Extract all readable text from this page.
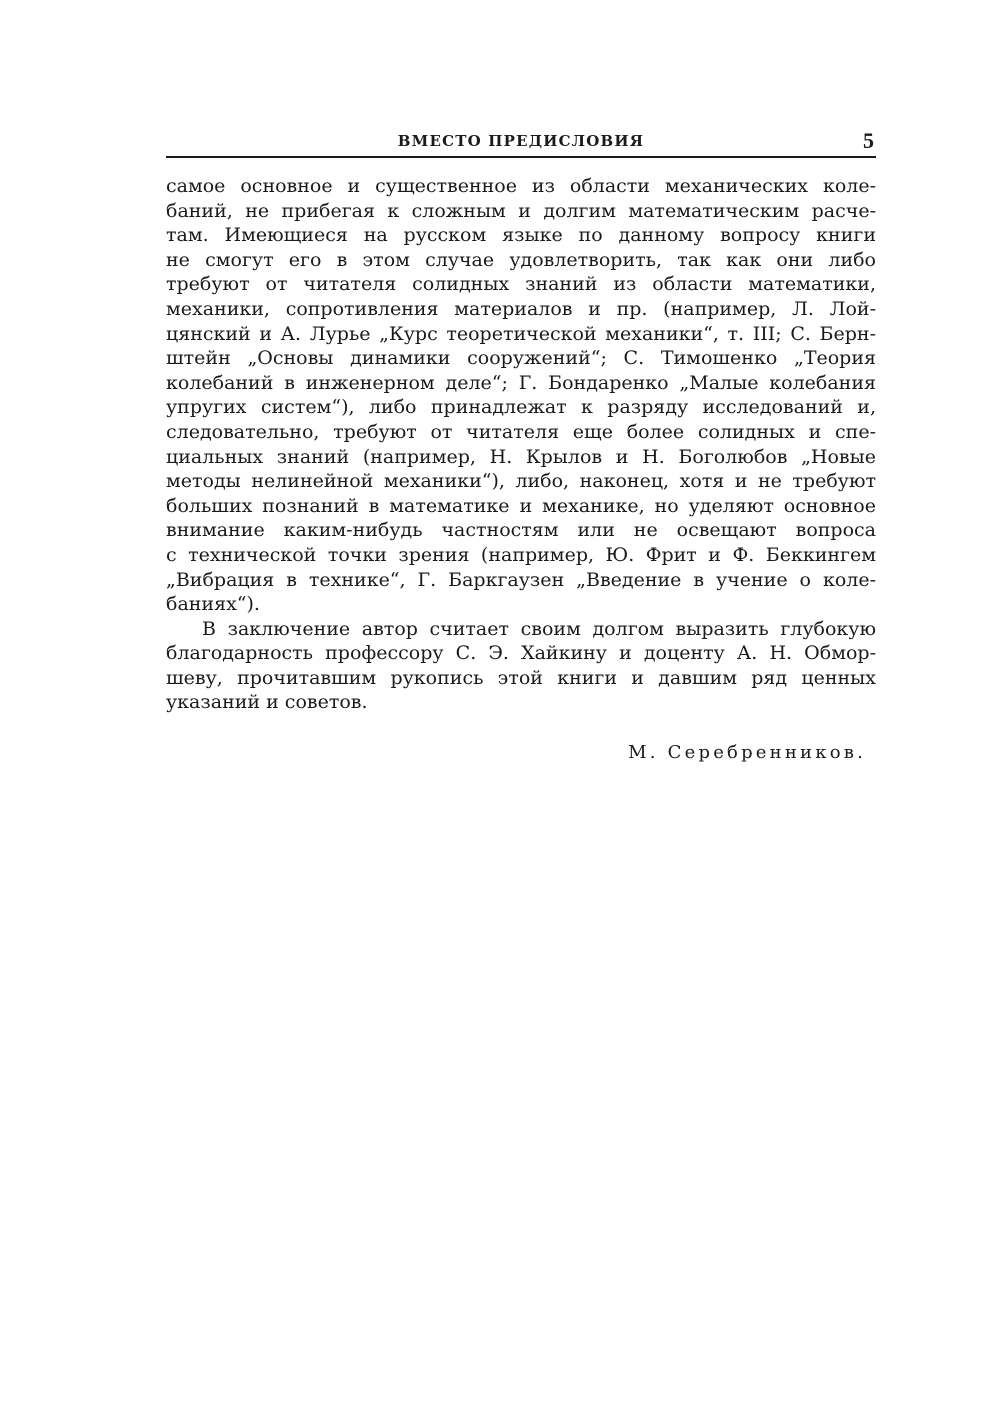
ВМЕСТО ПРЕДИСЛОВИЯ	5
самое основное и существенное из области механических коле-
баний, не прибегая к сложным и долгим математическим расче-
там. Имеющиеся на русском языке по данному вопросу книги
не смогут его в этом случае удовлетворить, так как они либо
требуют от читателя солидных знаний из области математики,
механики, сопротивления материалов и пр. (например, Л. Лой-
цянский и А. Лурье „Курс теоретической механики“, т. III; С. Берн-
штейн „Основы динамики сооружений“; С. Тимошенко „Теория
колебаний в инженерном деле“; Г. Бондаренко „Малые колебания
упругих систем“), либо принадлежат к разряду исследований и,
следовательно, требуют от читателя еще более солидных и спе-
циальных знаний (например, Н. Крылов и Н. Боголюбов „Новые
методы нелинейной механики“), либо, наконец, хотя и не требуют
больших познаний в математике и механике, но уделяют основное
внимание каким-нибудь частностям или не освещают вопроса
с технической точки зрения (например, Ю. Фрит и Ф. Беккингем
„Вибрация в технике“, Г. Баркгаузен „Введение в учение о коле-
баниях“).
В заключение автор считает своим долгом выразить глубокую
благодарность профессору С. Э. Хайкину и доценту А. Н. Обмор-
шеву, прочитавшим рукопись этой книги и давшим ряд ценных
указаний и советов.
М. Серебренников.
